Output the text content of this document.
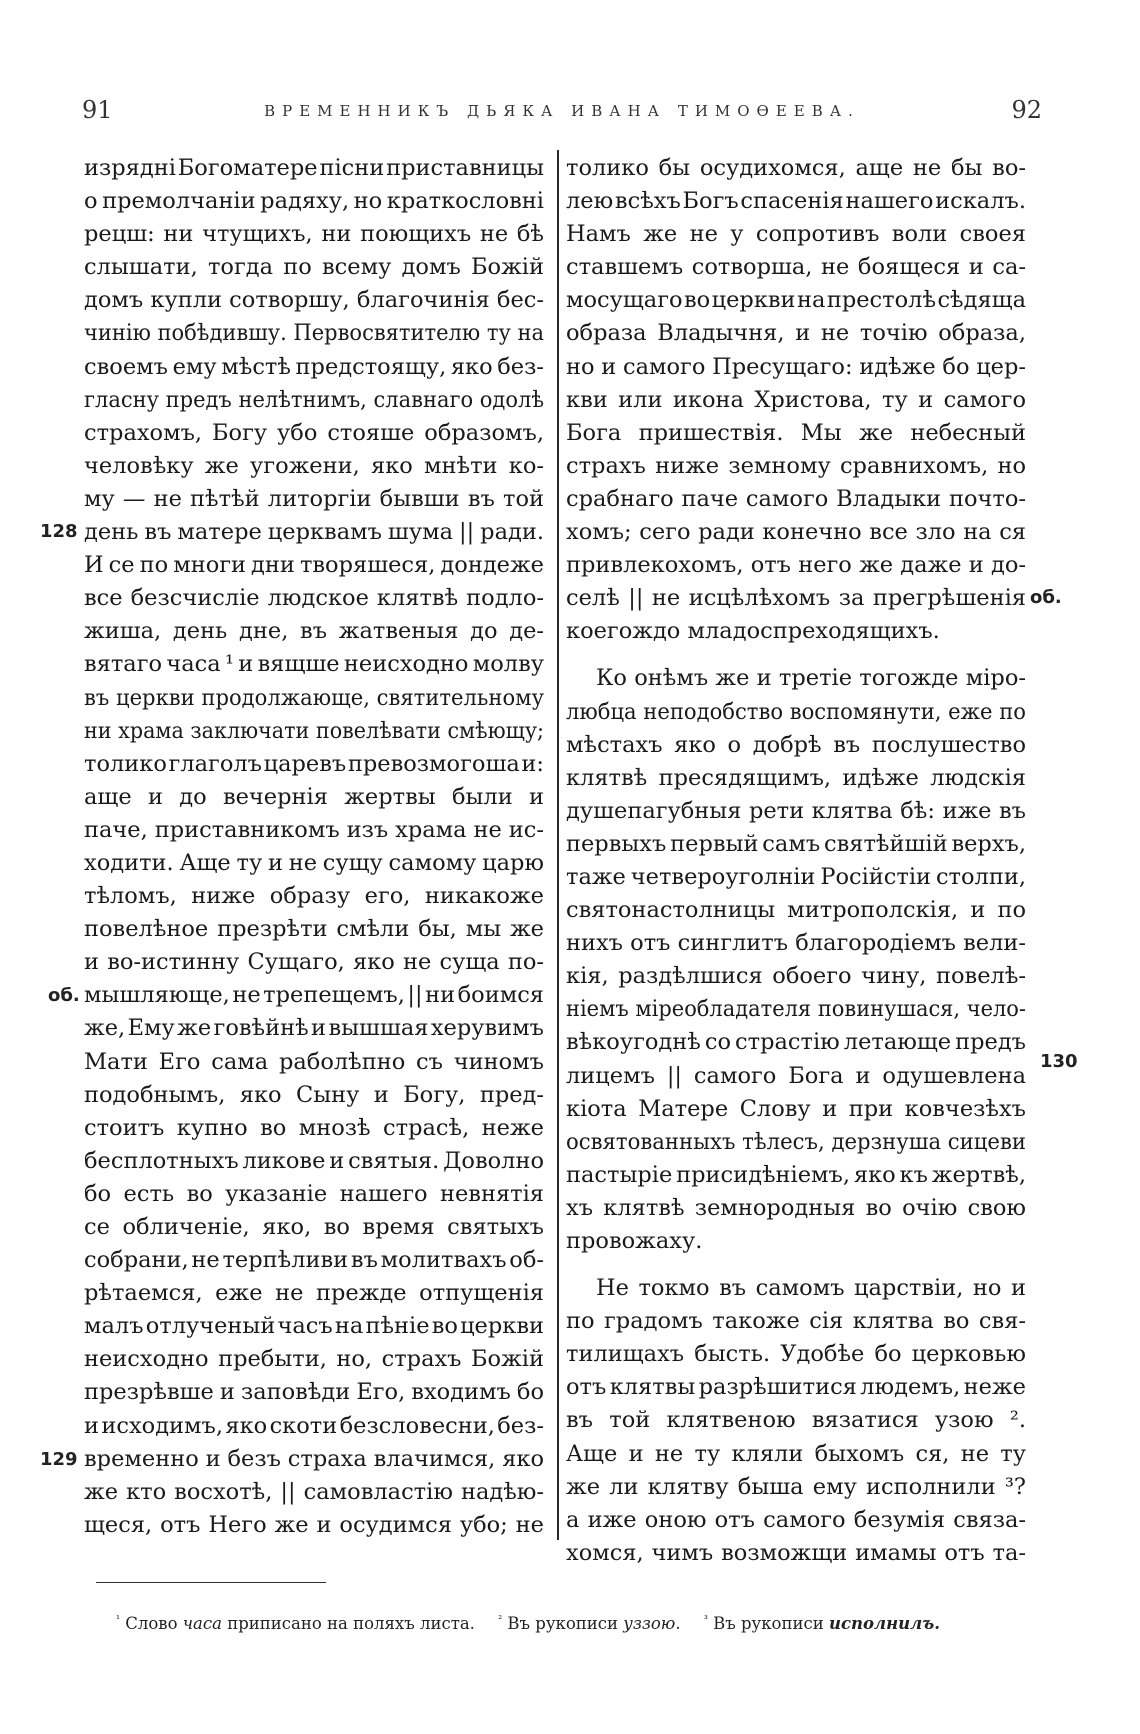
91	ВРЕМЕННИКЪ ДЬЯКА ИВАНА ТИМОѲЕЕВА.	92
изрядні Богоматере пісни приставницы
о премолчаніи радяху, но краткословні
рецш: ни чтущихъ, ни поющихъ не бѣ
слышати, тогда по всему домъ Божій
домъ купли сотворшу, благочинія бес-
чинію побѣдившу. Первосвятителю ту на
своемъ ему мѣстѣ предстоящу, яко без-
гласну предъ нелѣтнимъ, славнаго одолѣ
страхомъ, Богу убо стояше образомъ,
человѣку же угожени, яко мнѣти ко-
му — не пѣтѣй литоргіи бывши въ той
день въ матере церквамъ шума || ради.
И се по многи дни творяшеся, дондеже
все безсчисліе людское клятвѣ подло-
жиша, день дне, въ жатвеныя до де-
вятаго часа ¹ и вящше неисходно молву
въ церкви продолжающе, святительному
ни храма заключати повелѣвати смѣющу;
толико глаголъ царевъ превозмогоша и:
аще и до вечернія жертвы были и
паче, приставникомъ изъ храма не ис-
ходити. Аще ту и не сущу самому царю
тѣломъ, ниже образу его, никакоже
повелѣное презрѣти смѣли бы, мы же
и во-истинну Сущаго, яко не суща по-
мышляюще, не трепещемъ, || ни боимся
же, Ему же говѣйнѣ и вышшая херувимъ
Мати Его сама раболѣпно съ чиномъ
подобнымъ, яко Сыну и Богу, пред-
стоитъ купно во мнозѣ страсѣ, неже
бесплотныхъ ликове и святыя. Доволно
бо есть во указаніе нашего невнятія
се обличеніе, яко, во время святыхъ
собрани, не терпѣливи въ молитвахъ об-
рѣтаемся, еже не прежде отпущенія
малъ отлученый часъ на пѣніе во церкви
неисходно пребыти, но, страхъ Божій
презрѣвше и заповѣди Его, входимъ бо
и исходимъ, яко скоти безсловесни, без-
временно и безъ страха влачимся, яко
же кто восхотѣ, || самовластію надѣю-
щеся, отъ Него же и осудимся убо; не
толико бы осудихомся, аще не бы во-
лею всѣхъ Богъ спасенія нашего искалъ.
Намъ же не у сопротивъ воли своея
ставшемъ сотворша, не боящеся и са-
мосущаго во церкви на престолѣ сѣдяща
образа Владычня, и не точію образа,
но и самого Пресущаго: идѣже бо цер-
кви или икона Христова, ту и самого
Бога пришествія. Мы же небесный
страхъ ниже земному сравнихомъ, но
срабнаго паче самого Владыки почто-
хомъ; сего ради конечно все зло на ся
привлекохомъ, отъ него же даже и до-
селѣ || не исцѣлѣхомъ за прегрѣшенія
коегождо младоспреходящихъ.
Ко онѣмъ же и третіе тогожде міро-
любца неподобство воспомянути, еже по
мѣстахъ яко о добрѣ въ послушество
клятвѣ пресядящимъ, идѣже людскія
душепагубныя рети клятва бѣ: иже въ
первыхъ первый самъ святѣйшій верхъ,
таже четвероуголніи Російстіи столпи,
святонастолницы митрополскія, и по
нихъ отъ синглитъ благородіемъ вели-
кія, раздѣлшися обоего чину, повелѣ-
ніемъ міреобладателя повинушася, чело-
вѣкоугоднѣ со страстію летающе предъ
лицемъ || самого Бога и одушевлена
кіота Матере Слову и при ковчезѣхъ
освятованныхъ тѣлесъ, дерзнуша сицеви
пастыріе присидѣніемъ, яко къ жертвѣ,
хъ клятвѣ земнородныя во очію свою
провожаху.
Не токмо въ самомъ царствіи, но и
по градомъ такоже сія клятва во свя-
тилищахъ бысть. Удобѣе бо церковью
отъ клятвы разрѣшитися людемъ, неже
въ той клятвеною вязатися узою ².
Аще и не ту кляли быхомъ ся, не ту
же ли клятву быша ему исполнили ³?
а иже оною отъ самого безумія связа-
хомся, чимъ возможщи имамы отъ та-
128
об.
129
об.
130
$^{^1}$ Слово часа приписано на поляхъ листа. $^{^2}$ Въ рукописи уззою. $^{^3}$ Въ рукописи исполнилъ.
